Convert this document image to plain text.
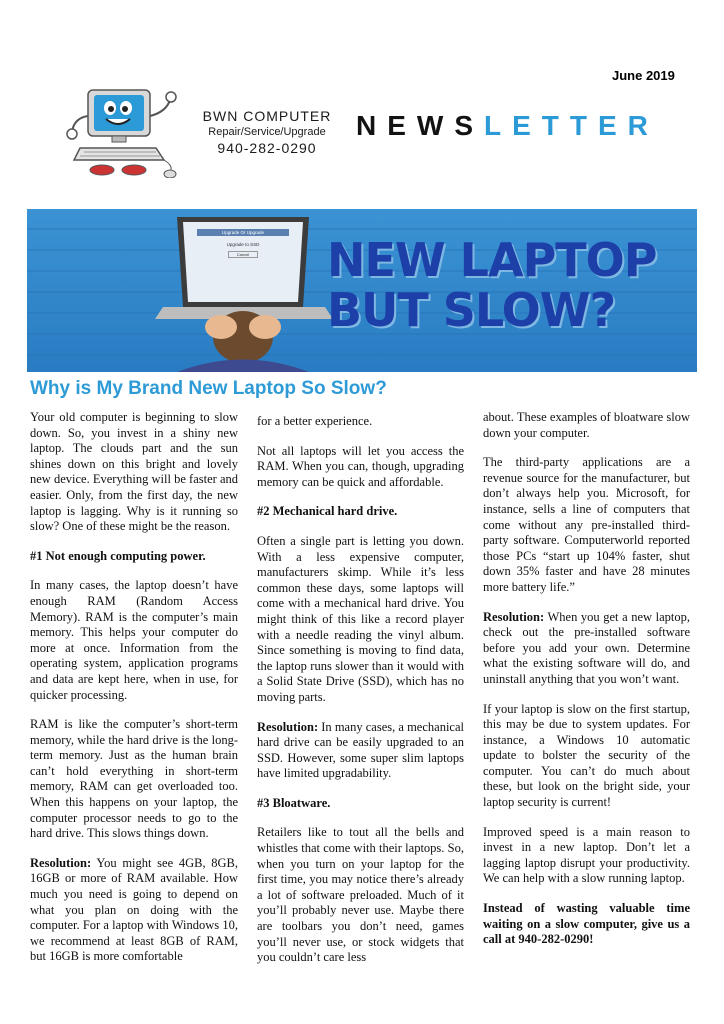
June 2019
BWN COMPUTER
Repair/Service/Upgrade
940-282-0290
NEWSLETTER
Upgrade Or Upgrade
Upgrade to SSD
Cancel NEW LAPTOP
BUT SLOW?
Why is My Brand New Laptop So Slow?

Your old computer is beginning to slow down. So, you invest in a shiny new laptop. The clouds part and the sun shines down on this bright and lovely new device. Everything will be faster and easier. Only, from the first day, the new laptop is lagging. Why is it running so slow? One of these might be the reason.

#1 Not enough computing power.

In many cases, the laptop doesn’t have enough RAM (Random Access Memory). RAM is the computer’s main memory. This helps your computer do more at once. Information from the operating system, application programs and data are kept here, when in use, for quicker processing.

RAM is like the computer’s short-term memory, while the hard drive is the long-term memory. Just as the human brain can’t hold everything in short-term memory, RAM can get overloaded too. When this happens on your laptop, the computer processor needs to go to the hard drive. This slows things down.

Resolution: You might see 4GB, 8GB, 16GB or more of RAM available. How much you need is going to depend on what you plan on doing with the computer. For a laptop with Windows 10, we recommend at least 8GB of RAM, but 16GB is more comfortable

for a better experience.

Not all laptops will let you access the RAM. When you can, though, upgrading memory can be quick and affordable.

#2 Mechanical hard drive.

Often a single part is letting you down. With a less expensive computer, manufacturers skimp. While it’s less common these days, some laptops will come with a mechanical hard drive. You might think of this like a record player with a needle reading the vinyl album. Since something is moving to find data, the laptop runs slower than it would with a Solid State Drive (SSD), which has no moving parts.

Resolution: In many cases, a mechanical hard drive can be easily upgraded to an SSD. However, some super slim laptops have limited upgradability.

#3 Bloatware.

Retailers like to tout all the bells and whistles that come with their laptops. So, when you turn on your laptop for the first time, you may notice there’s already a lot of software preloaded. Much of it you’ll probably never use. Maybe there are toolbars you don’t need, games you’ll never use, or stock widgets that you couldn’t care less

about. These examples of bloatware slow down your computer.

The third-party applications are a revenue source for the manufacturer, but don’t always help you. Microsoft, for instance, sells a line of computers that come without any pre-installed third-party software. Computerworld reported those PCs “start up 104% faster, shut down 35% faster and have 28 minutes more battery life.”

Resolution: When you get a new laptop, check out the pre-installed software before you add your own. Determine what the existing software will do, and uninstall anything that you won’t want.

If your laptop is slow on the first startup, this may be due to system updates. For instance, a Windows 10 automatic update to bolster the security of the computer. You can’t do much about these, but look on the bright side, your laptop security is current!

Improved speed is a main reason to invest in a new laptop. Don’t let a lagging laptop disrupt your productivity. We can help with a slow running laptop.

Instead of wasting valuable time waiting on a slow computer, give us a call at 940-282-0290!
